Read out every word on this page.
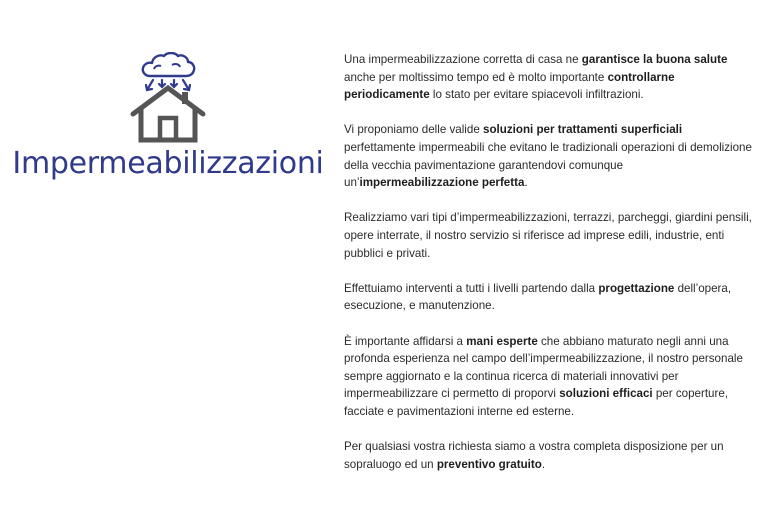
Impermeabilizzazioni

Una impermeabilizzazione corretta di casa ne garantisce la buona salute anche per moltissimo tempo ed è molto importante controllarne periodicamente lo stato per evitare spiacevoli infiltrazioni.

Vi proponiamo delle valide soluzioni per trattamenti superficiali perfettamente impermeabili che evitano le tradizionali operazioni di demolizione della vecchia pavimentazione garantendovi comunque un’impermeabilizzazione perfetta.

Realizziamo vari tipi d’impermeabilizzazioni, terrazzi, parcheggi, giardini pensili, opere interrate, il nostro servizio si riferisce ad imprese edili, industrie, enti pubblici e privati.

Effettuiamo interventi a tutti i livelli partendo dalla progettazione dell’opera, esecuzione, e manutenzione.

È importante affidarsi a mani esperte che abbiano maturato negli anni una profonda esperienza nel campo dell’impermeabilizzazione, il nostro personale sempre aggiornato e la continua ricerca di materiali innovativi per impermeabilizzare ci permetto di proporvi soluzioni efficaci per coperture, facciate e pavimentazioni interne ed esterne.

Per qualsiasi vostra richiesta siamo a vostra completa disposizione per un sopraluogo ed un preventivo gratuito.
